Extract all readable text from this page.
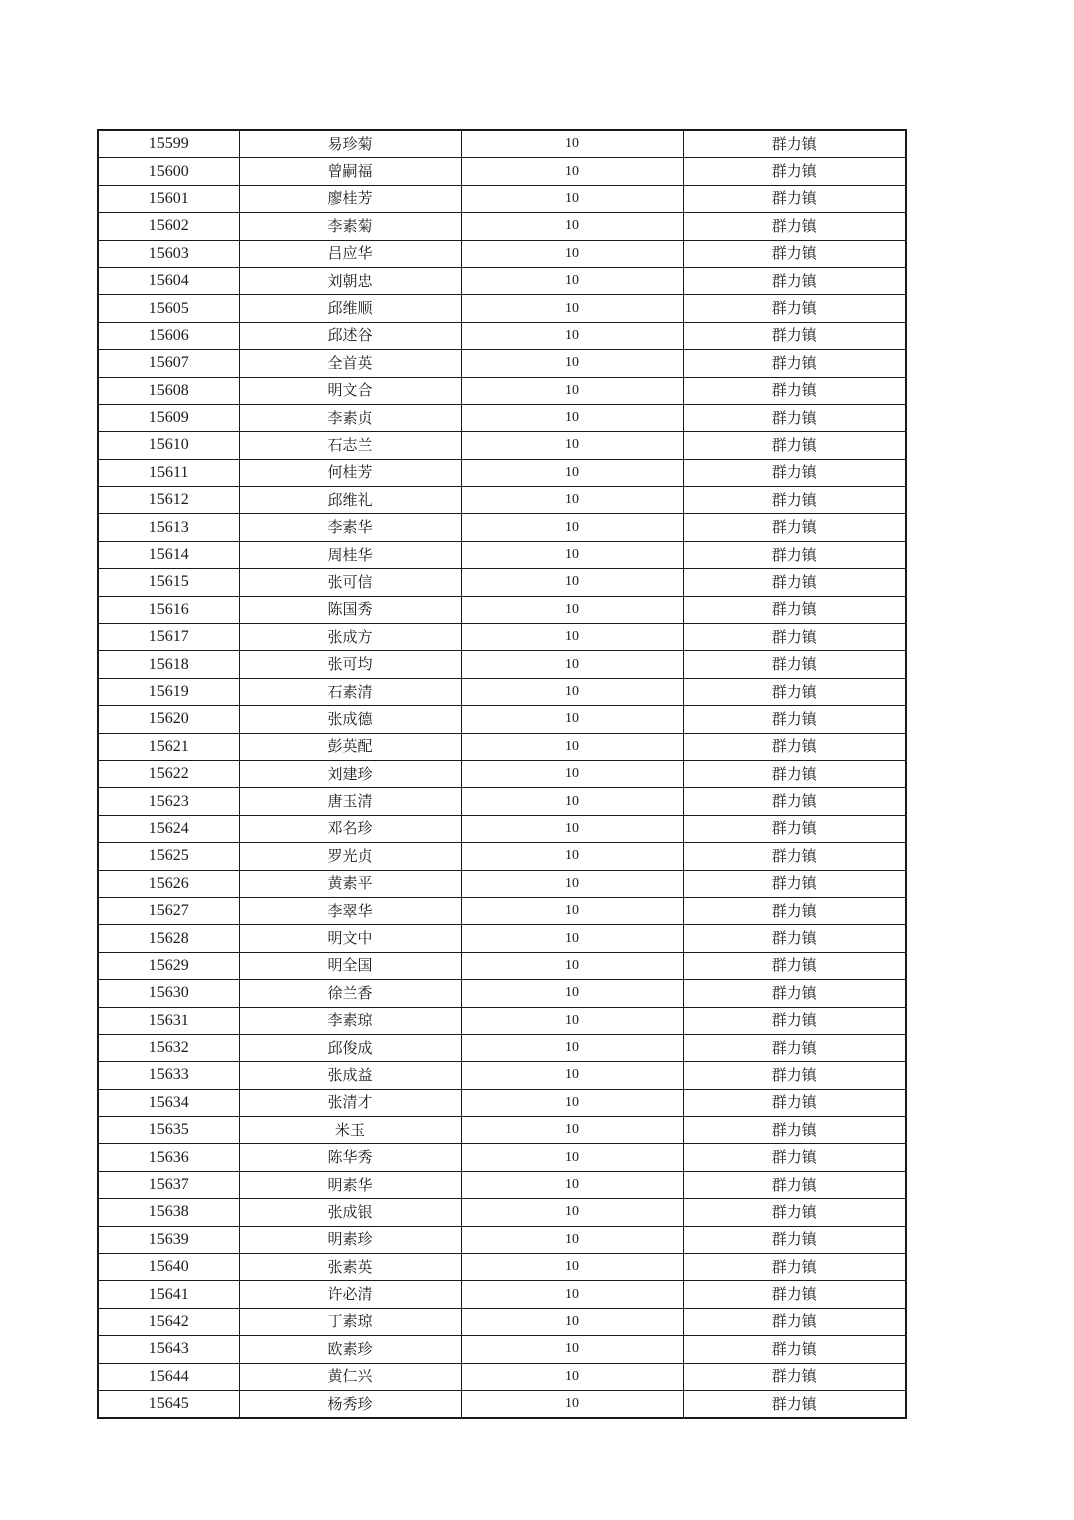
15599	易珍菊	10	群力镇
15600	曾嗣福	10	群力镇
15601	廖桂芳	10	群力镇
15602	李素菊	10	群力镇
15603	吕应华	10	群力镇
15604	刘朝忠	10	群力镇
15605	邱维顺	10	群力镇
15606	邱述谷	10	群力镇
15607	全首英	10	群力镇
15608	明文合	10	群力镇
15609	李素贞	10	群力镇
15610	石志兰	10	群力镇
15611	何桂芳	10	群力镇
15612	邱维礼	10	群力镇
15613	李素华	10	群力镇
15614	周桂华	10	群力镇
15615	张可信	10	群力镇
15616	陈国秀	10	群力镇
15617	张成方	10	群力镇
15618	张可均	10	群力镇
15619	石素清	10	群力镇
15620	张成德	10	群力镇
15621	彭英配	10	群力镇
15622	刘建珍	10	群力镇
15623	唐玉清	10	群力镇
15624	邓名珍	10	群力镇
15625	罗光贞	10	群力镇
15626	黄素平	10	群力镇
15627	李翠华	10	群力镇
15628	明文中	10	群力镇
15629	明全国	10	群力镇
15630	徐兰香	10	群力镇
15631	李素琼	10	群力镇
15632	邱俊成	10	群力镇
15633	张成益	10	群力镇
15634	张清才	10	群力镇
15635	米玉	10	群力镇
15636	陈华秀	10	群力镇
15637	明素华	10	群力镇
15638	张成银	10	群力镇
15639	明素珍	10	群力镇
15640	张素英	10	群力镇
15641	许必清	10	群力镇
15642	丁素琼	10	群力镇
15643	欧素珍	10	群力镇
15644	黄仁兴	10	群力镇
15645	杨秀珍	10	群力镇
